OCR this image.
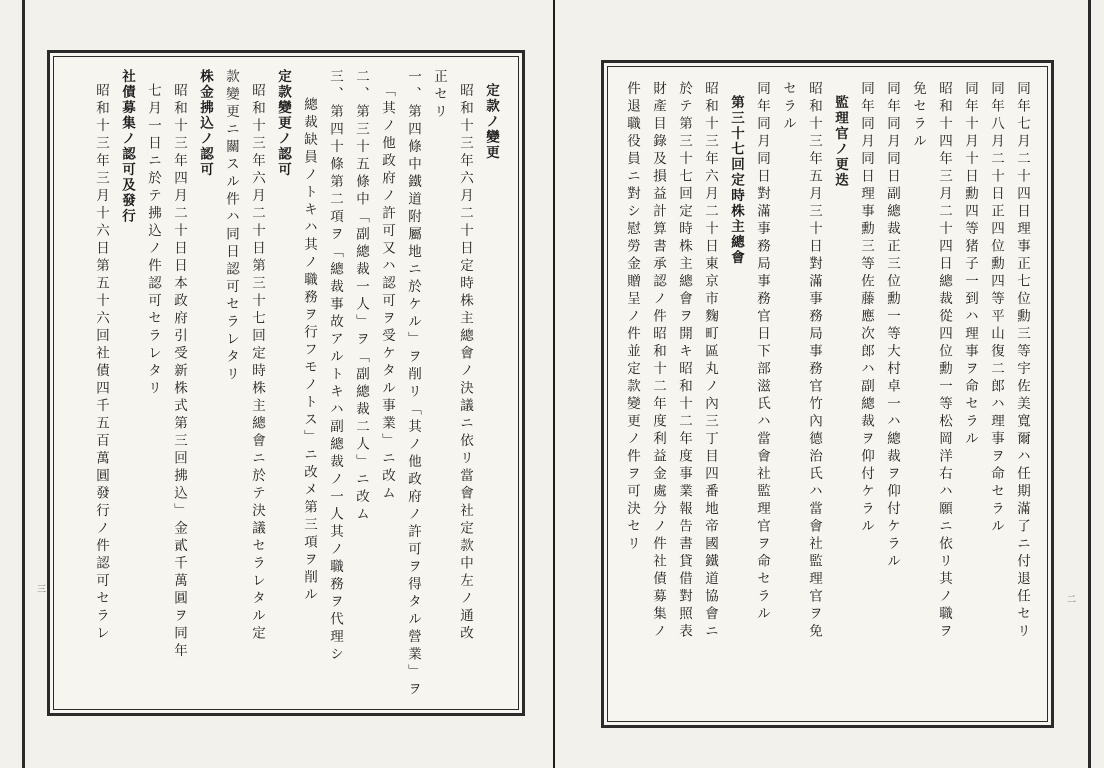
三
二
定款ノ變更
昭和十三年六月二十日定時株主總會ノ決議ニ依リ當會社定款中左ノ通改
正セリ
一、第四條中鐵道附屬地ニ於ケル」ヲ削リ「其ノ他政府ノ許可ヲ得タル營業」ヲ
「其ノ他政府ノ許可又ハ認可ヲ受ケタル事業」ニ改ム
二、第三十五條中「副總裁一人」ヲ「副總裁二人」ニ改ム
三、第四十條第二項ヲ「總裁事故アルトキハ副總裁ノ一人其ノ職務ヲ代理シ
總裁缺員ノトキハ其ノ職務ヲ行フモノトス」ニ改メ第三項ヲ削ル
定款變更ノ認可
昭和十三年六月二十日第三十七回定時株主總會ニ於テ決議セラレタル定
款變更ニ關スル件ハ同日認可セラレタリ
株金拂込ノ認可
昭和十三年四月二十日日本政府引受新株式第三回拂込」金貳千萬圓ヲ同年
七月一日ニ於テ拂込ノ件認可セラレタリ
社債募集ノ認可及發行
昭和十三年三月十六日第五十六回社債四千五百萬圓發行ノ件認可セラレ	同年七月二十四日理事正七位勳三等宇佐美寬爾ハ任期滿了ニ付退任セリ
同年八月二十日正四位勳四等平山復二郎ハ理事ヲ命セラル
同年十月十日勳四等猪子一到ハ理事ヲ命セラル
昭和十四年三月二十四日總裁從四位勳一等松岡洋右ハ願ニ依リ其ノ職ヲ
免セラル
同年同月同日副總裁正三位勳一等大村卓一ハ總裁ヲ仰付ケラル
同年同月同日理事勳三等佐藤應次郎ハ副總裁ヲ仰付ケラル
監理官ノ更迭
昭和十三年五月三十日對滿事務局事務官竹內德治氏ハ當會社監理官ヲ免
セラル
同年同月同日對滿事務局事務官日下部滋氏ハ當會社監理官ヲ命セラル
第三十七回定時株主總會
昭和十三年六月二十日東京市麴町區丸ノ內三丁目四番地帝國鐵道協會ニ
於テ第三十七回定時株主總會ヲ開キ昭和十二年度事業報告書貸借對照表
財產目錄及損益計算書承認ノ件昭和十二年度利益金處分ノ件社債募集ノ
件退職役員ニ對シ慰勞金贈呈ノ件並定款變更ノ件ヲ可決セリ
